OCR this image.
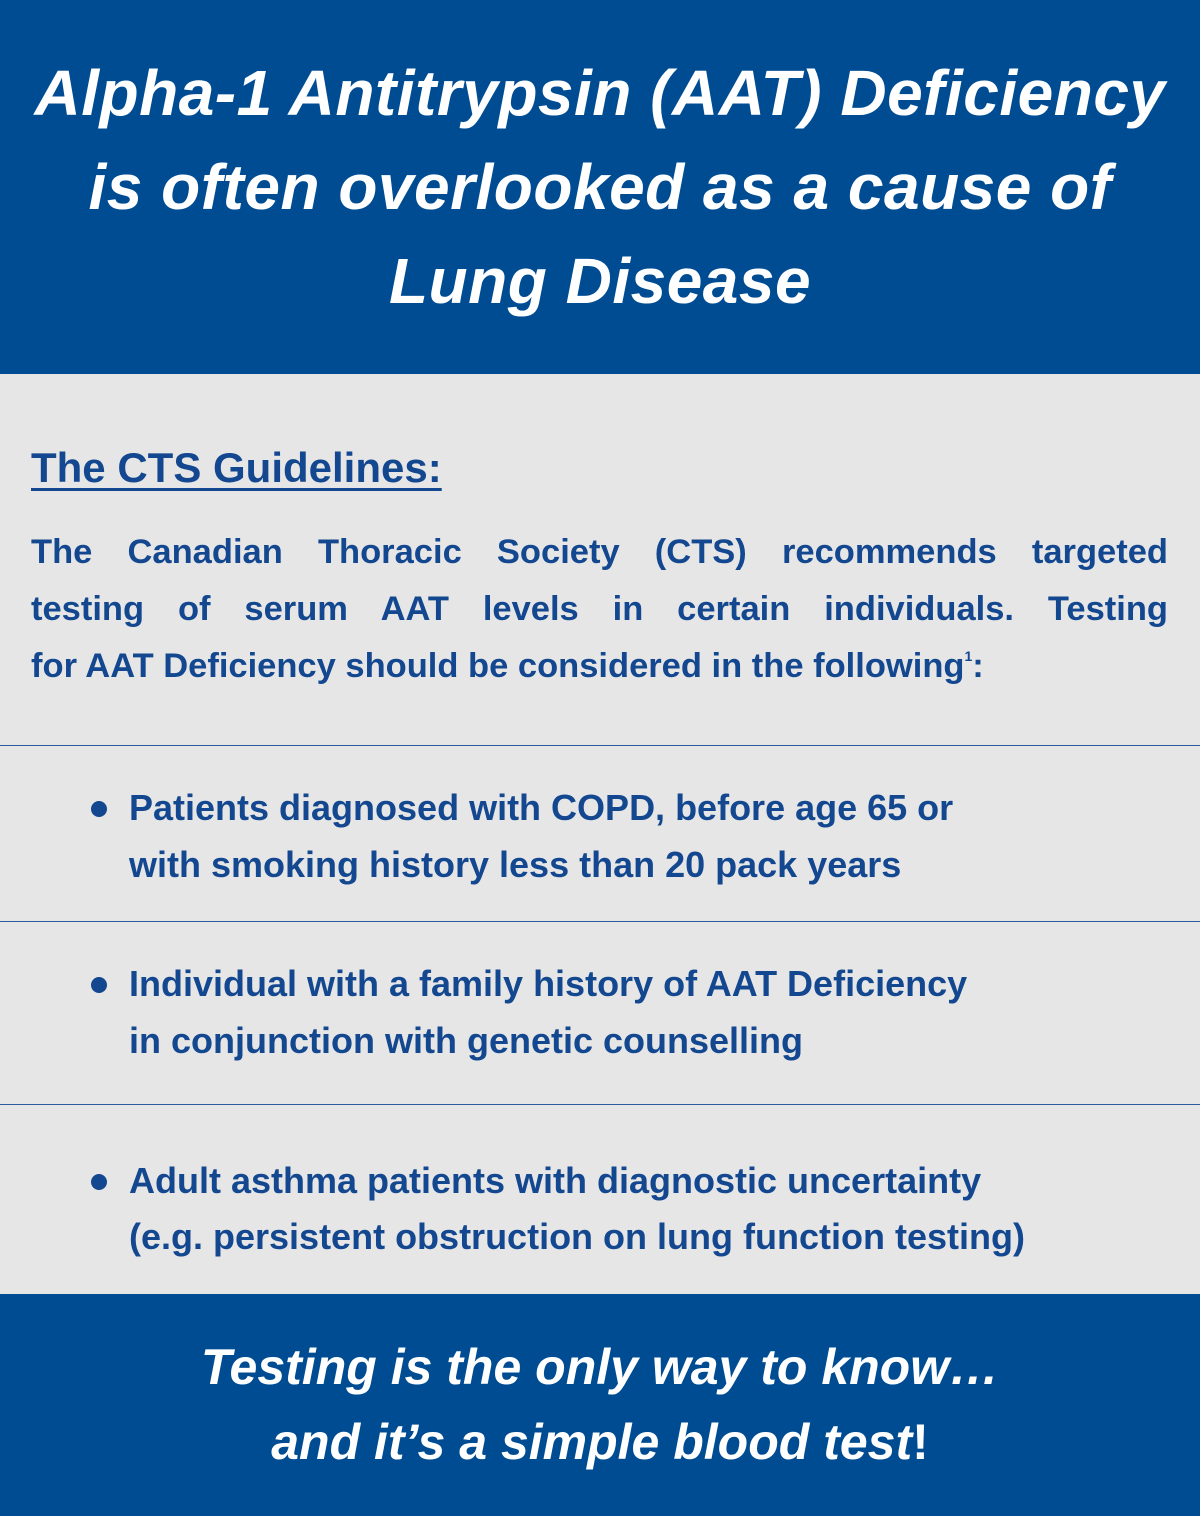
Alpha-1 Antitrypsin (AAT) Deficiency
is often overlooked as a cause of
Lung Disease
The CTS Guidelines:
The Canadian Thoracic Society (CTS) recommends targeted
testing of serum AAT levels in certain individuals. Testing
for AAT Deficiency should be considered in the following$^1$:
Patients diagnosed with COPD, before age 65 or
with smoking history less than 20 pack years
Individual with a family history of AAT Deficiency
in conjunction with genetic counselling
Adult asthma patients with diagnostic uncertainty
(e.g. persistent obstruction on lung function testing)
Testing is the only way to know…
and it’s a simple blood test!
